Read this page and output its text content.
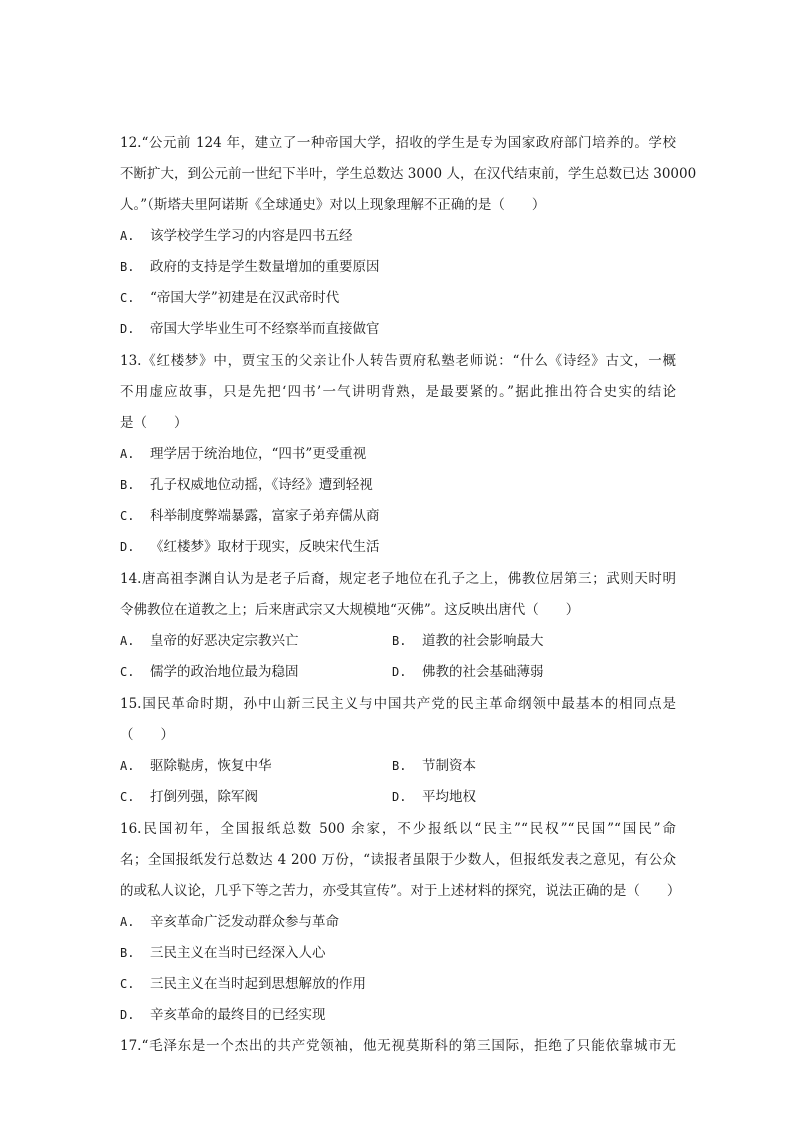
12.“公元前 124 年，建立了一种帝国大学，招收的学生是专为国家政府部门培养的。学校
不断扩大，到公元前一世纪下半叶，学生总数达 3000 人，在汉代结束前，学生总数已达 30000
人。”（斯塔夫里阿诺斯《全球通史》对以上现象理解不正确的是（　　）
A. 该学校学生学习的内容是四书五经
B. 政府的支持是学生数量增加的重要原因
C. “帝国大学”初建是在汉武帝时代
D. 帝国大学毕业生可不经察举而直接做官
13.《红楼梦》中，贾宝玉的父亲让仆人转告贾府私塾老师说：“什么《诗经》古文，一概
不用虚应故事，只是先把‘四书’一气讲明背熟，是最要紧的。”据此推出符合史实的结论
是（　　）
A. 理学居于统治地位，“四书”更受重视
B. 孔子权威地位动摇，《诗经》遭到轻视
C. 科举制度弊端暴露，富家子弟弃儒从商
D. 《红楼梦》取材于现实，反映宋代生活
14.唐高祖李渊自认为是老子后裔，规定老子地位在孔子之上，佛教位居第三；武则天时明
令佛教位在道教之上；后来唐武宗又大规模地“灭佛”。这反映出唐代（　　）
A. 皇帝的好恶决定宗教兴亡	B. 道教的社会影响最大
C. 儒学的政治地位最为稳固	D. 佛教的社会基础薄弱
15.国民革命时期，孙中山新三民主义与中国共产党的民主革命纲领中最基本的相同点是
（　　）
A. 驱除鞑虏，恢复中华	B. 节制资本
C. 打倒列强，除军阀	D. 平均地权
16.民国初年，全国报纸总数 500 余家，不少报纸以“民主”“民权”“民国”“国民”命
名；全国报纸发行总数达 4 200 万份，“读报者虽限于少数人，但报纸发表之意见，有公众
的或私人议论，几乎下等之苦力，亦受其宣传”。对于上述材料的探究，说法正确的是（　　）
A. 辛亥革命广泛发动群众参与革命
B. 三民主义在当时已经深入人心
C. 三民主义在当时起到思想解放的作用
D. 辛亥革命的最终目的已经实现
17.“毛泽东是一个杰出的共产党领袖，他无视莫斯科的第三国际，拒绝了只能依靠城市无
